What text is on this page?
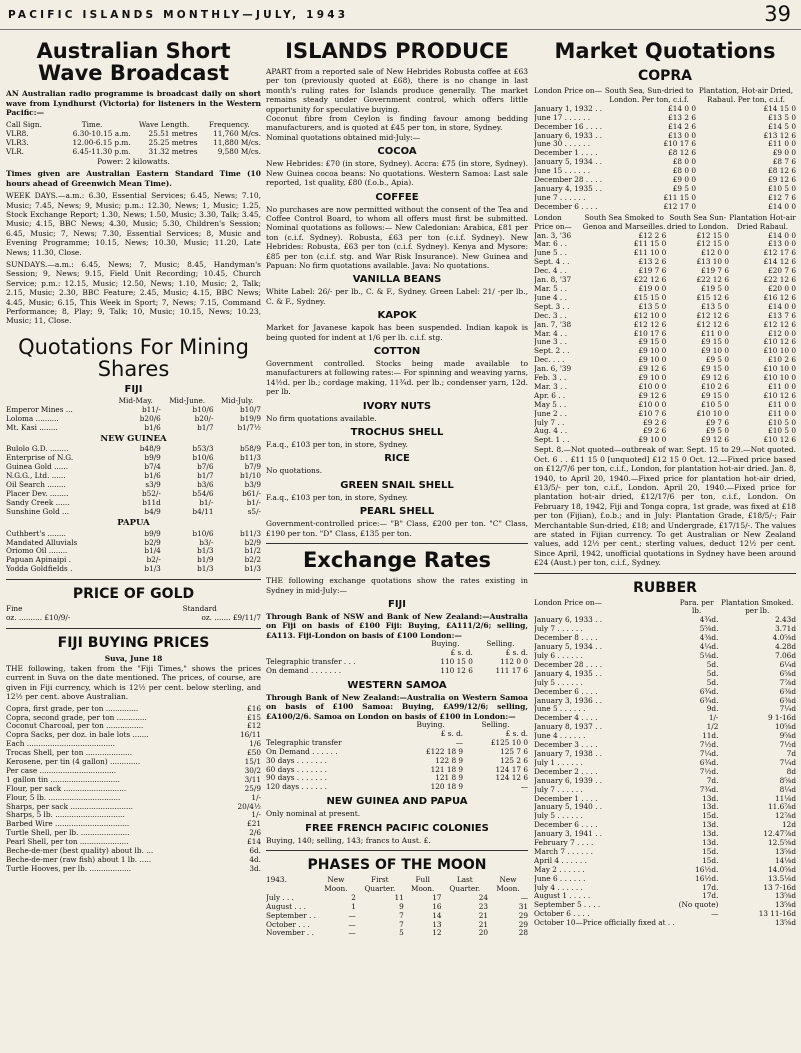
PACIFIC ISLANDS MONTHLY—JULY, 1943	39
Australian Short Wave Broadcast
AN Australian radio programme is broadcast daily on short wave from Lyndhurst (Victoria) for listeners in the Western Pacific:—
Call Sign.	Time.	Wave Length.	Frequency.
VLR8.	6.30-10.15 a.m.	25.51 metres	11,760 M/cs.
VLR3.	12.00-6.15 p.m.	25.25 metres	11,880 M/cs.
VLR.	6.45-11.30 p.m.	31.32 metres	9,580 M/cs.
Power: 2 kilowatts.
Times given are Australian Eastern Standard Time (10 hours ahead of Greenwich Mean Time).
WEEK DAYS.—a.m.: 6.30, Essential Services; 6.45, News; 7.10, Music; 7.45, News; 9, Music; p.m.: 12.30, News; 1, Music; 1.25, Stock Exchange Report; 1.30, News; 1.50, Music; 3.30, Talk; 3.45, Music; 4.15, BBC News; 4.30, Music; 5.30, Children's Session; 6.45, Music; 7, News; 7.30, Essential Services; 8, Music and Evening Programme; 10.15, News; 10.30, Music; 11.20, Late News; 11.30, Close.
SUNDAYS.—a.m.: 6.45, News; 7, Music; 8.45, Handyman's Session; 9, News; 9.15, Field Unit Recording; 10.45, Church Service; p.m.: 12.15, Music; 12.50, News; 1.10, Music; 2, Talk; 2.15, Music; 2.30, BBC Feature; 2.45, Music; 4.15, BBC News; 4.45, Music; 6.15, This Week in Sport; 7, News; 7.15, Command Performance; 8, Play; 9, Talk; 10, Music; 10.15, News; 10.23, Music; 11, Close.
Quotations For Mining Shares
FIJI
	Mid-May.	Mid-June.	Mid-July.
Emperor Mines ...	b11/-	b10/6	b10/7
Loloma ..........	b20/6	b20/-	b19/9
Mt. Kasi ........	b1/6	b1/7	b1/7½
NEW GUINEA			
Bulolo G.D. ........	b48/9	b53/3	b58/9
Enterprise of N.G.	b9/9	b10/6	b11/3
Guinea Gold ......	b7/4	b7/6	b7/9
N.G.G., Ltd. ......	b1/6	b1/7	b1/10
Oil Search ........	s3/9	b3/6	b3/9
Placer Dev. ........	b52/-	b54/6	b61/-
Sandy Creek ......	b11d	b1/-	b1/-
Sunshine Gold ...	b4/9	b4/11	s5/-
PAPUA			
Cuthbert's ........	b9/9	b10/6	b11/3
Mandated Alluvials	b2/9	b3/-	b2/9
Oriomo Oil ........	b1/4	b1/3	b1/2
Papuan Apinaipi .	b2/-	b1/9	b2/2
Yodda Goldfields .	b1/3	b1/3	b1/3
PRICE OF GOLD
Fine	Standard
oz. .......... £10/9/-	oz. ....... £9/11/7
FIJI BUYING PRICES
Suva, June 18
THE following, taken from the "Fiji Times," shows the prices current in Suva on the date mentioned. The prices, of course, are given in Fiji currency, which is 12½ per cent. below sterling, and 12½ per cent. above Australian.
Copra, first grade, per ton ..............	£16
Copra, second grade, per ton .............	£15
Coconut Charcoal, per ton ................	£12
Copra Sacks, per doz. in bale lots .......	16/11
Each ......................................	1/6
Trocas Shell, per ton ....................	£50
Kerosene, per tin (4 gallon) .............	15/1
Per case .................................	30/2
1 gallon tin ..............................	3/11
Flour, per sack ...........................	25/9
Flour, 5 lb. ...............................	1/-
Sharps, per sack ...........................	20/4½
Sharps, 5 lb. ..............................	1/-
Barbed Wire ................................	£21
Turtle Shell, per lb. .....................	2/6
Pearl Shell, per ton .....................	£14
Beche-de-mer (best quality) about lb. ...	6d.
Beche-de-mer (raw fish) about 1 lb. .....	4d.
Turtle Hooves, per lb. ..................	3d.
ISLANDS PRODUCE
APART from a reported sale of New Hebrides Robusta coffee at £63 per ton (previously quoted at £68), there is no change in last month's ruling rates for Islands produce generally. The market remains steady under Government control, which offers little opportunity for speculative buying.
Coconut fibre from Ceylon is finding favour among bedding manufacturers, and is quoted at £45 per ton, in store, Sydney.
Nominal quotations obtained mid-July:—
COCOA
New Hebrides: £70 (in store, Sydney). Accra: £75 (in store, Sydney). New Guinea cocoa beans: No quotations. Western Samoa: Last sale reported, 1st quality, £80 (f.o.b., Apia).
COFFEE
No purchases are now permitted without the consent of the Tea and Coffee Control Board, to whom all offers must first be submitted. Nominal quotations as follows:— New Caledonian: Arabica, £81 per ton (c.i.f. Sydney). Robusta, £63 per ton (c.i.f. Sydney). New Hebrides: Robusta, £63 per ton (c.i.f. Sydney). Kenya and Mysore: £85 per ton (c.i.f. stg. and War Risk Insurance). New Guinea and Papuan: No firm quotations available. Java: No quotations.
VANILLA BEANS
White Label: 26/- per lb., C. & F., Sydney. Green Label: 21/ -per lb., C. & F., Sydney.
KAPOK
Market for Javanese kapok has been suspended. Indian kapok is being quoted for indent at 1/6 per lb. c.i.f. stg.
COTTON
Government controlled. Stocks being made available to manufacturers at following rates:— For spinning and weaving yarns, 14½d. per lb.; cordage making, 11¾d. per lb.; condenser yarn, 12d. per lb.
IVORY NUTS
No firm quotations available.
TROCHUS SHELL
F.a.q., £103 per ton, in store, Sydney.
RICE
No quotations.
GREEN SNAIL SHELL
F.a.q., £103 per ton, in store, Sydney.
PEARL SHELL
Government-controlled price:— "B" Class, £200 per ton. "C" Class, £190 per ton. "D" Class, £135 per ton.
Exchange Rates
THE following exchange quotations show the rates existing in Sydney in mid-July:—
FIJI
Through Bank of NSW and Bank of New Zealand:—Australia on Fiji on basis of £100 Fiji: Buying, £A111/2/6; selling, £A113. Fiji-London on basis of £100 London:—
	Buying.	Selling.
	£ s. d.	£ s. d.
Telegraphic transfer . . .	110 15 0	112 0 0
On demand . . . . . . .	110 12 6	111 17 6
WESTERN SAMOA
Through Bank of New Zealand:—Australia on Western Samoa on basis of £100 Samoa: Buying, £A99/12/6; selling, £A100/2/6. Samoa on London on basis of £100 in London:—
	Buying.	Selling.
	£ s. d.	£ s. d.
Telegraphic transfer	—	£125 10 0
On Demand . . . . . .	£122 18 9	125 7 6
30 days . . . . . . .	122 8 9	125 2 6
60 days . . . . . . .	121 18 9	124 17 6
90 days . . . . . . .	121 8 9	124 12 6
120 days . . . . . .	120 18 9	—
NEW GUINEA AND PAPUA
Only nominal at present.
FREE FRENCH PACIFIC COLONIES
Buying, 140; selling, 143; francs to Aust. £.
PHASES OF THE MOON
1943.	New Moon.	First Quarter.	Full Moon.	Last Quarter.	New Moon.
July . . .	2	11	17	24	—
August . . .	1	9	16	23	31
September . .	—	7	14	21	29
October . . .	—	7	13	21	29
November . .	—	5	12	20	28
Market Quotations
COPRA
London Price on—	South Sea, Sun-dried to London. Per ton, c.i.f.	Plantation, Hot-air Dried, Rabaul. Per ton, c.i.f.
January 1, 1932 . .	£14 0 0	£14 15 0
June 17 . . . . . .	£13 2 6	£13 5 0
December 16 . . . .	£14 2 6	£14 5 0
January 6, 1933 . .	£13 0 0	£13 12 6
June 30 . . . . . .	£10 17 6	£11 0 0
December 1 . . . .	£8 12 6	£9 0 0
January 5, 1934 . .	£8 0 0	£8 7 6
June 15 . . . . . .	£8 0 0	£8 12 6
December 28 . . . .	£9 0 0	£9 12 6
January 4, 1935 . .	£9 5 0	£10 5 0
June 7 . . . . . .	£11 15 0	£12 7 6
December 6 . . . .	£12 17 0	£14 0 0
London Price on—	South Sea Smoked to Genoa and Marseilles.	South Sea Sun-dried to London.	Plantation Hot-air Dried Rabaul.
Jan. 3, '36	£12 2 6	£12 15 0	£14 0 0
Mar. 6 . .	£11 15 0	£12 15 0	£13 0 0
June 5 . .	£11 10 0	£12 0 0	£12 17 6
Sept. 4 . .	£13 2 6	£13 10 0	£14 12 6
Dec. 4 . .	£19 7 6	£19 7 6	£20 7 6
Jan. 8, '37	£22 12 6	£22 12 6	£22 12 6
Mar. 5 . .	£19 0 0	£19 5 0	£20 0 0
June 4 . .	£15 15 0	£15 12 6	£16 12 6
Sept. 3 . .	£13 5 0	£13 5 0	£14 0 0
Dec. 3 . .	£12 10 0	£12 12 6	£13 7 6
Jan. 7, '38	£12 12 6	£12 12 6	£12 12 6
Mar. 4 . .	£10 17 6	£11 0 0	£12 0 0
June 3 . .	£9 15 0	£9 15 0	£10 12 6
Sept. 2 . .	£9 10 0	£9 10 0	£10 10 0
Dec. . . .	£9 10 0	£9 5 0	£10 2 6
Jan. 6, '39	£9 12 6	£9 15 0	£10 10 0
Feb. 3 . .	£9 10 0	£9 12 6	£10 10 0
Mar. 3 . .	£10 0 0	£10 2 6	£11 0 0
Apr. 6 . .	£9 12 6	£9 15 0	£10 12 6
May 5 . .	£10 0 0	£10 5 0	£11 0 0
June 2 . .	£10 7 6	£10 10 0	£11 0 0
July 7 . .	£9 2 6	£9 7 6	£10 5 0
Aug. 4 . .	£9 2 6	£9 5 0	£10 5 0
Sept. 1 . .	£9 10 0	£9 12 6	£10 12 6
Sept. 8.—Not quoted—outbreak of war. Sept. 15 to 29.—Not quoted. Oct. 6 . . £11 15 0 [unquoted] £12 15 0 Oct. 12.—Fixed price based on £12/7/6 per ton, c.i.f., London, for plantation hot-air dried. Jan. 8, 1940, to April 20, 1940.—Fixed price for plantation hot-air dried, £13/5/- per ton, c.i.f., London. April 20, 1940.—Fixed price for plantation hot-air dried, £12/17/6 per ton, c.i.f., London. On February 18, 1942, Fiji and Tonga copra, 1st grade, was fixed at £18 per ton (Fijian), f.o.b.; and in July: Plantation Grade, £18/5/-; Fair Merchantable Sun-dried, £18; and Undergrade, £17/15/-. The values are stated in Fijian currency. To get Australian or New Zealand values, add 12½ per cent.; sterling values, deduct 12½ per cent. Since April, 1942, unofficial quotations in Sydney have been around £24 (Aust.) per ton, c.i.f., Sydney.
RUBBER
London Price on—	Para. per lb.	Plantation Smoked. per lb.
January 6, 1933 . .	4¾d.	2.43d
July 7 . . . . . .	5⅝d.	3.71d
December 8 . . . .	4⅜d.	4.0⅝d
January 5, 1934 . .	4¼d.	4.28d
July 6 . . . . . .	5⅛d.	7.06d
December 28 . . . .	5d.	6¼d
January 4, 1935 . .	5d.	6⅝d
July 5 . . . . . .	5d.	7⅞d
December 6 . . . .	6¾d.	6⅜d
January 3, 1936 . .	6¾d.	6⅜d
June 5 . . . . . .	9d.	7¼d
December 4 . . . .	1/-	9 1-16d
January 8, 1937 . .	1/2	10⅝d
June 4 . . . . . .	11d.	9⅝d
December 3 . . . .	7½d.	7½d
January 7, 1938 . .	7¼d.	7d
July 1 . . . . . .	6¾d.	7¼d
December 2 . . . .	7½d.	8d
January 6, 1939 . .	7d.	8⅝d
July 7 . . . . . .	7¾d.	8¼d
December 1 . . . .	13d.	11⅛d
January 5, 1940 . .	13d.	11.6⅞d
July 5 . . . . . .	15d.	12⅞d
December 6 . . . .	13d.	12d
January 3, 1941 . .	13d.	12.47⅞d
February 7 . . . .	13d.	12.5⅝d
March 7 . . . . . .	15d.	13⅝d
April 4 . . . . . .	15d.	14⅛d
May 2 . . . . . .	16½d.	14.0⅝d
June 6 . . . . . .	16½d.	13.5⅛d
July 4 . . . . . .	17d.	13 7-16d
August 1 . . . . .	17d.	13⅝d
September 5 . . . .	(No quote)	13⅝d
October 6 . . . .	—	13 11-16d
October 10—Price officially fixed at . .		13⅝d
